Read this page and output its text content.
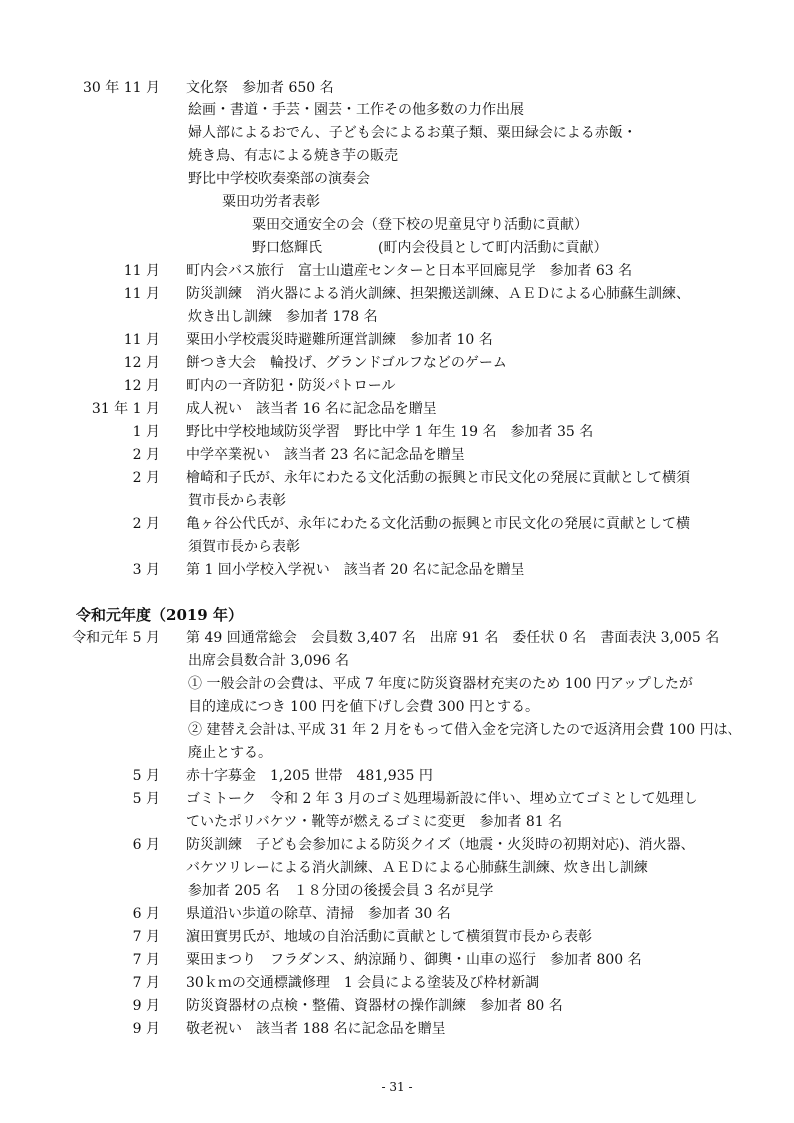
30 年 11 月 文化祭　参加者 650 名
絵画・書道・手芸・園芸・工作その他多数の力作出展
婦人部によるおでん、子ども会によるお菓子類、粟田緑会による赤飯・
焼き鳥、有志による焼き芋の販売
野比中学校吹奏楽部の演奏会
粟田功労者表彰
粟田交通安全の会（登下校の児童見守り活動に貢献）
野口悠輝氏　　　　(町内会役員として町内活動に貢献）
11 月 町内会バス旅行　富士山遺産センターと日本平回廊見学　参加者 63 名
11 月 防災訓練　消火器による消火訓練、担架搬送訓練、ＡＥＤによる心肺蘇生訓練、
炊き出し訓練　参加者 178 名
11 月 粟田小学校震災時避難所運営訓練　参加者 10 名
12 月 餅つき大会　輪投げ、グランドゴルフなどのゲーム
12 月 町内の一斉防犯・防災パトロール
31 年 1 月 成人祝い　該当者 16 名に記念品を贈呈
1 月 野比中学校地域防災学習　野比中学 1 年生 19 名　参加者 35 名
2 月 中学卒業祝い　該当者 23 名に記念品を贈呈
2 月 檜崎和子氏が、永年にわたる文化活動の振興と市民文化の発展に貢献として横須
賀市長から表彰
2 月 亀ヶ谷公代氏が、永年にわたる文化活動の振興と市民文化の発展に貢献として横
須賀市長から表彰
3 月 第 1 回小学校入学祝い　該当者 20 名に記念品を贈呈
令和元年度（2019 年）
令和元年 5 月 第 49 回通常総会　会員数 3,407 名　出席 91 名　委任状 0 名　書面表決 3,005 名
出席会員数合計 3,096 名
① 一般会計の会費は、平成 7 年度に防災資器材充実のため 100 円アップしたが
目的達成につき 100 円を値下げし会費 300 円とする。
② 建替え会計は､平成 31 年 2 月をもって借入金を完済したので返済用会費 100 円は､
廃止とする。
5 月 赤十字募金　1,205 世帯　481,935 円
5 月 ゴミトーク　令和 2 年 3 月のゴミ処理場新設に伴い、埋め立てゴミとして処理し
ていたポリバケツ・靴等が燃えるゴミに変更　参加者 81 名
6 月 防災訓練　子ども会参加による防災クイズ（地震・火災時の初期対応)、消火器、
バケツリレーによる消火訓練、ＡＥＤによる心肺蘇生訓練、炊き出し訓練
参加者 205 名　１８分団の後援会員 3 名が見学
6 月 県道沿い歩道の除草、清掃　参加者 30 名
7 月 濵田實男氏が、地域の自治活動に貢献として横須賀市長から表彰
7 月 粟田まつり　フラダンス、納涼踊り、御輿・山車の巡行　参加者 800 名
7 月 30ｋｍの交通標識修理　1 会員による塗装及び枠材新調
9 月 防災資器材の点検・整備、資器材の操作訓練　参加者 80 名
9 月 敬老祝い　該当者 188 名に記念品を贈呈
- 31 -
